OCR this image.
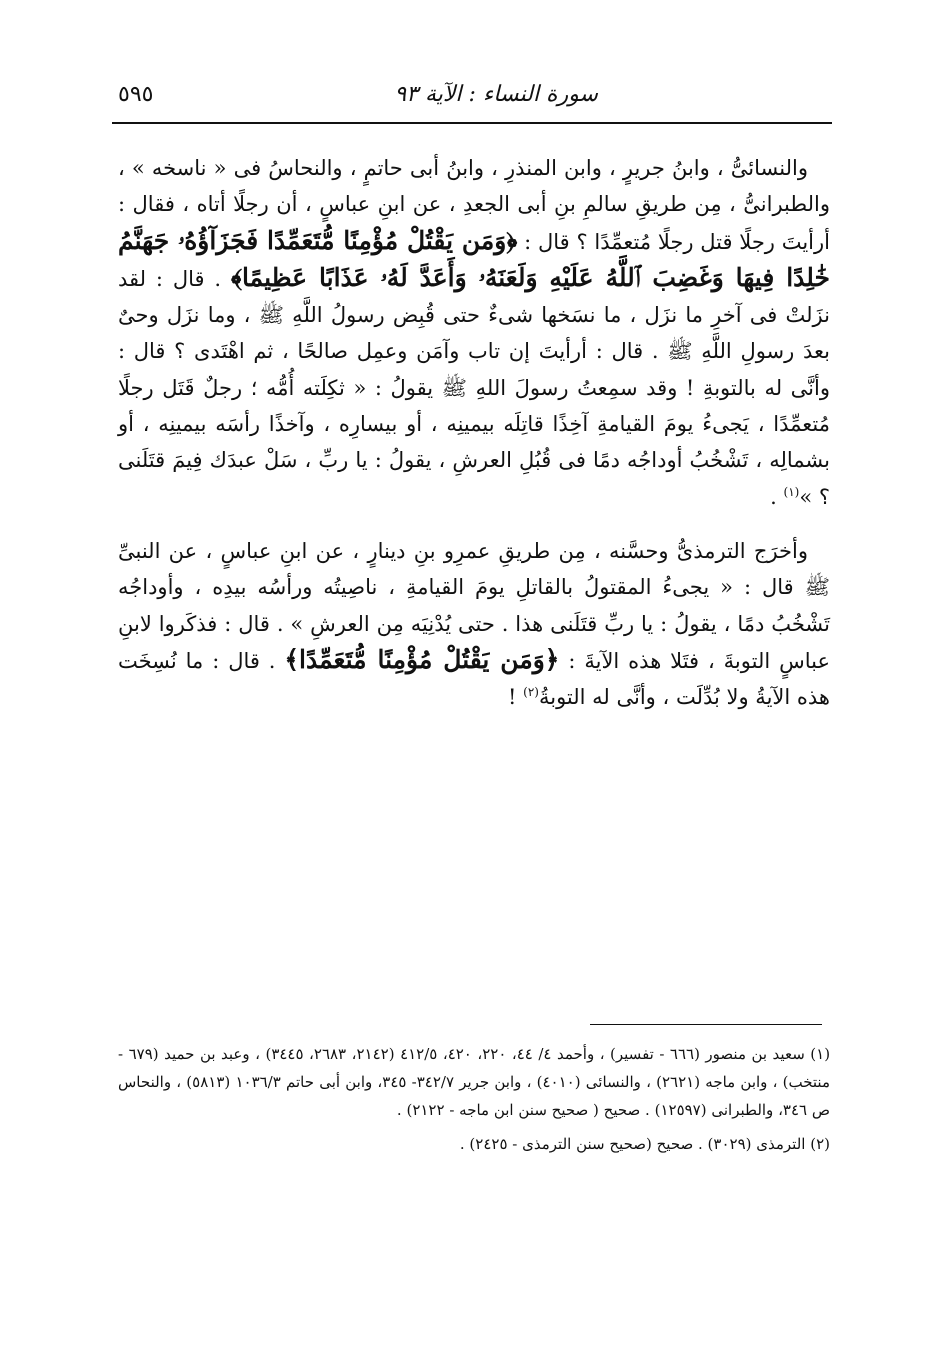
سورة النساء : الآية ٩٣
٥٩٥

والنسائىُّ ، وابنُ جريرٍ ، وابن المنذرِ ، وابنُ أبى حاتمٍ ، والنحاسُ فى « ناسخه » ، والطبرانىُّ ، مِن طريقِ سالمِ بنِ أبى الجعدِ ، عن ابنِ عباسٍ ، أن رجلًا أتاه ، فقال : أرأيتَ رجلًا قتل رجلًا مُتعمِّدًا ؟ قال : ﴿وَمَن يَقْتُلْ مُؤْمِنًا مُّتَعَمِّدًا فَجَزَآؤُهُۥ جَهَنَّمُ خَٰلِدًا فِيهَا وَغَضِبَ ٱللَّهُ عَلَيْهِ وَلَعَنَهُۥ وَأَعَدَّ لَهُۥ عَذَابًا عَظِيمًا﴾ . قال : لقد نزَلتْ فى آخرِ ما نزَل ، ما نسَخها شىءٌ حتى قُبِض رسولُ اللَّهِ ﷺ ، وما نزَل وحىٌ بعدَ رسولِ اللَّهِ ﷺ . قال : أرأيتَ إن تاب وآمَن وعمِل صالحًا ، ثم اهْتَدى ؟ قال : وأنَّى له بالتوبةِ ! وقد سمِعتُ رسولَ اللهِ ﷺ يقولُ : « ثكِلَته أُمُّه ؛ رجلٌ قَتَل رجلًا مُتعمِّدًا ، يَجىءُ يومَ القيامةِ آخِذًا قاتِلَه بيمينِه ، أو بيسارِه ، وآخذًا رأسَه بيمينِه ، أو بشمالِه ، تَشْخُبُ أوداجُه دمًا فى قُبُلِ العرشِ ، يقولُ : يا ربِّ ، سَلْ عبدَك فِيمَ قتَلَنى ؟ »$^{(١)}$ .

وأخرَج الترمذىُّ وحسَّنه ، مِن طريقِ عمرِو بنِ دينارٍ ، عن ابنِ عباسٍ ، عن النبىِّ ﷺ قال : « يجىءُ المقتولُ بالقاتلِ يومَ القيامةِ ، ناصِيتُه ورأسُه بيدِه ، وأوداجُه تَشْخُبُ دمًا ، يقولُ : يا ربِّ قتَلَنى هذا . حتى يُدْنِيَه مِن العرشِ » . قال : فذكَروا لابنِ عباسٍ التوبةَ ، فتَلا هذه الآيةَ : ﴿وَمَن يَقْتُلْ مُؤْمِنًا مُّتَعَمِّدًا﴾ . قال : ما نُسِخَت هذه الآيةُ ولا بُدِّلَت ، وأنَّى له التوبةُ$^{(٢)}$ !

(١) سعيد بن منصور (٦٦٦ - تفسير) ، وأحمد ٤/ ٤٤، ٢٢٠، ٤٢٠، ٤١٢/٥ (٢١٤٢، ٢٦٨٣، ٣٤٤٥) ، وعبد بن حميد (٦٧٩ - منتخب) ، وابن ماجه (٢٦٢١) ، والنسائى (٤٠١٠) ، وابن جرير ٣٤٢/٧- ٣٤٥، وابن أبى حاتم ١٠٣٦/٣ (٥٨١٣) ، والنحاس ص ٣٤٦، والطبرانى (١٢٥٩٧) . صحيح ( صحيح سنن ابن ماجه - ٢١٢٢) .

(٢) الترمذى (٣٠٢٩) . صحيح (صحيح سنن الترمذى - ٢٤٢٥) .
